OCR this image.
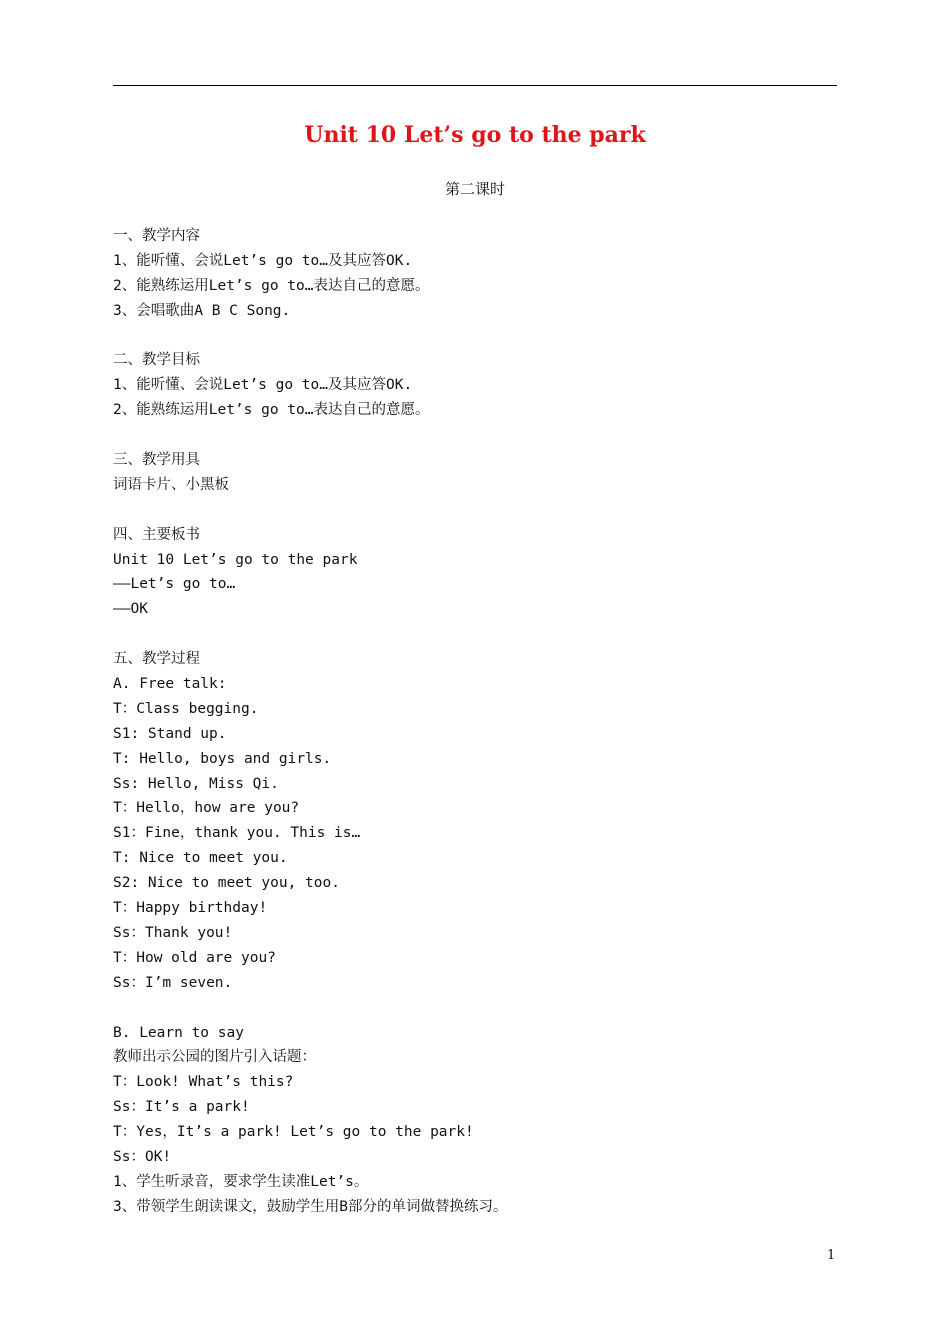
Unit 10 Let’s go to the park
第二课时
一、教学内容
1、能听懂、会说Let’s go to…及其应答OK.
2、能熟练运用Let’s go to…表达自己的意愿。
3、会唱歌曲A B C Song.
二、教学目标
1、能听懂、会说Let’s go to…及其应答OK.
2、能熟练运用Let’s go to…表达自己的意愿。
三、教学用具
词语卡片、小黑板
四、主要板书
Unit 10 Let’s go to the park
——Let’s go to…
——OK
五、教学过程
A. Free talk:
T：Class begging.
S1: Stand up.
T: Hello, boys and girls.
Ss: Hello, Miss Qi.
T：Hello，how are you?
S1：Fine，thank you. This is…
T: Nice to meet you.
S2: Nice to meet you, too.
T：Happy birthday!
Ss：Thank you!
T：How old are you?
Ss：I’m seven.
B. Learn to say
教师出示公园的图片引入话题：
T：Look! What’s this?
Ss：It’s a park!
T：Yes，It’s a park! Let’s go to the park!
Ss：OK!
1、学生听录音，要求学生读准Let’s。
3、带领学生朗读课文，鼓励学生用B部分的单词做替换练习。
1
